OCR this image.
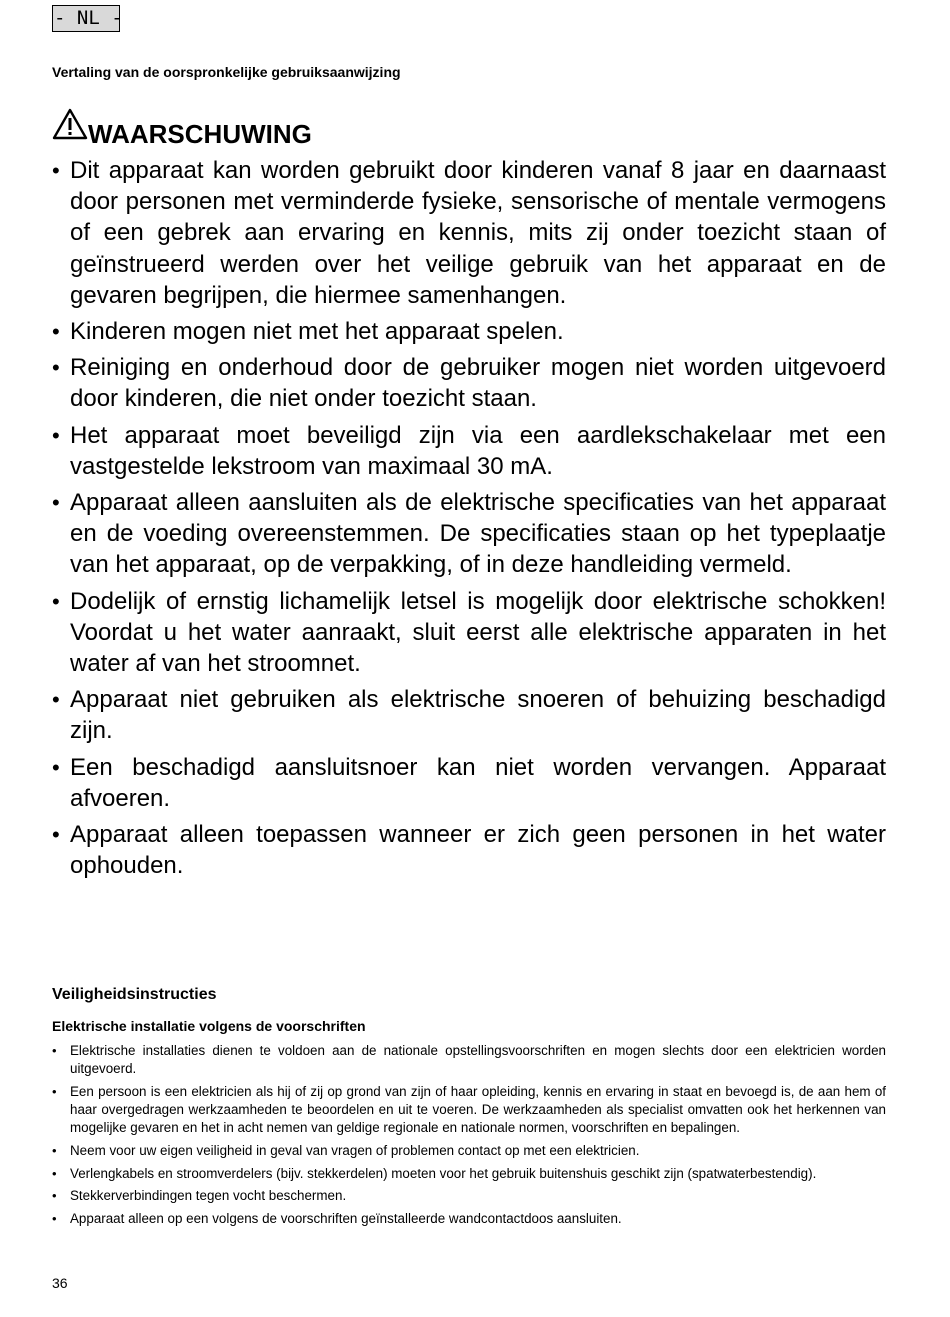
- NL -
Vertaling van de oorspronkelijke gebruiksaanwijzing
WAARSCHUWING
• Dit apparaat kan worden gebruikt door kinderen vanaf 8 jaar en daarnaast door personen met verminderde fysieke, sensorische of mentale vermogens of een gebrek aan ervaring en kennis, mits zij onder toezicht staan of geïnstrueerd werden over het veilige gebruik van het apparaat en de gevaren begrijpen, die hiermee samenhangen.
• Kinderen mogen niet met het apparaat spelen.
• Reiniging en onderhoud door de gebruiker mogen niet worden uitgevoerd door kinderen, die niet onder toezicht staan.
• Het apparaat moet beveiligd zijn via een aardlekschakelaar met een vastgestelde lekstroom van maximaal 30 mA.
• Apparaat alleen aansluiten als de elektrische specificaties van het apparaat en de voeding overeenstemmen. De specificaties staan op het typeplaatje van het apparaat, op de verpakking, of in deze handleiding vermeld.
• Dodelijk of ernstig lichamelijk letsel is mogelijk door elektrische schokken! Voordat u het water aanraakt, sluit eerst alle elektrische apparaten in het water af van het stroomnet.
• Apparaat niet gebruiken als elektrische snoeren of behuizing beschadigd zijn.
• Een beschadigd aansluitsnoer kan niet worden vervangen. Apparaat afvoeren.
• Apparaat alleen toepassen wanneer er zich geen personen in het water ophouden.
Veiligheidsinstructies
Elektrische installatie volgens de voorschriften
• Elektrische installaties dienen te voldoen aan de nationale opstellingsvoorschriften en mogen slechts door een elektricien worden uitgevoerd.
• Een persoon is een elektricien als hij of zij op grond van zijn of haar opleiding, kennis en ervaring in staat en bevoegd is, de aan hem of haar overgedragen werkzaamheden te beoordelen en uit te voeren. De werkzaamheden als specialist omvatten ook het herkennen van mogelijke gevaren en het in acht nemen van geldige regionale en nationale normen, voorschriften en bepalingen.
• Neem voor uw eigen veiligheid in geval van vragen of problemen contact op met een elektricien.
• Verlengkabels en stroomverdelers (bijv. stekkerdelen) moeten voor het gebruik buitenshuis geschikt zijn (spatwaterbestendig).
• Stekkerverbindingen tegen vocht beschermen.
• Apparaat alleen op een volgens de voorschriften geïnstalleerde wandcontactdoos aansluiten.
36
